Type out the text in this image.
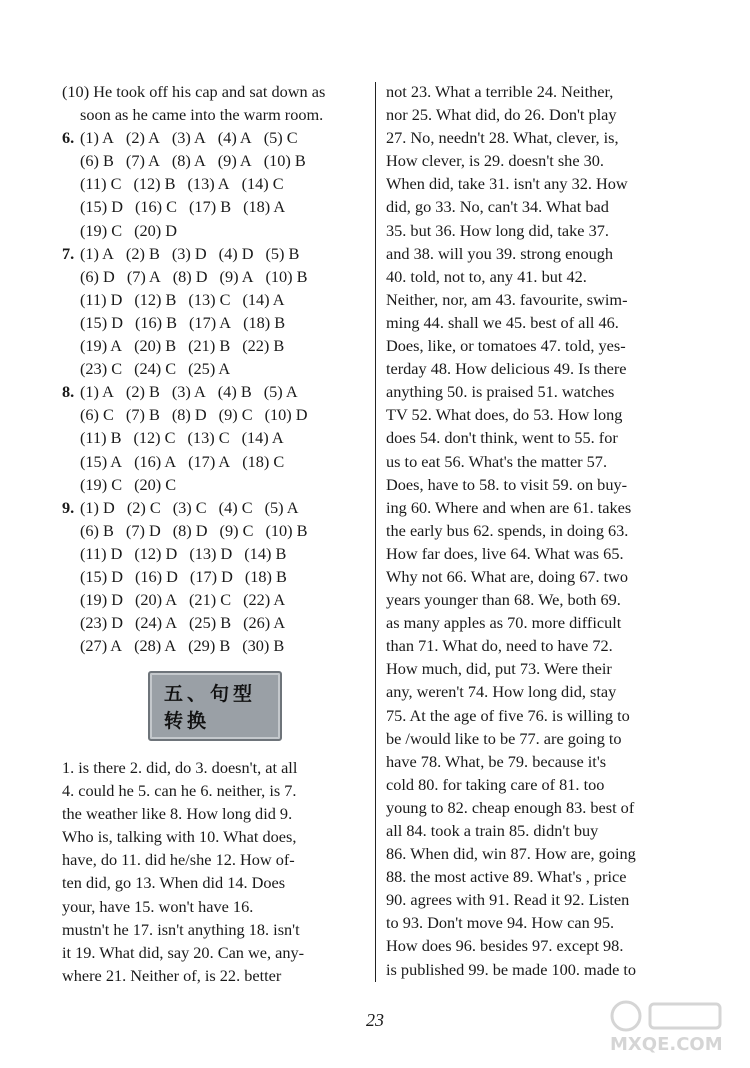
(10) He took off his cap and sat down as
soon as he came into the warm room.
6. (1) A (2) A (3) A (4) A (5) C
(6) B (7) A (8) A (9) A (10) B
(11) C (12) B (13) A (14) C
(15) D (16) C (17) B (18) A
(19) C (20) D
7. (1) A (2) B (3) D (4) D (5) B
(6) D (7) A (8) D (9) A (10) B
(11) D (12) B (13) C (14) A
(15) D (16) B (17) A (18) B
(19) A (20) B (21) B (22) B
(23) C (24) C (25) A
8. (1) A (2) B (3) A (4) B (5) A
(6) C (7) B (8) D (9) C (10) D
(11) B (12) C (13) C (14) A
(15) A (16) A (17) A (18) C
(19) C (20) C
9. (1) D (2) C (3) C (4) C (5) A
(6) B (7) D (8) D (9) C (10) B
(11) D (12) D (13) D (14) B
(15) D (16) D (17) D (18) B
(19) D (20) A (21) C (22) A
(23) D (24) A (25) B (26) A
(27) A (28) A (29) B (30) B
五、句型转换
1. is there 2. did, do 3. doesn't, at all
4. could he 5. can he 6. neither, is 7.
the weather like 8. How long did 9.
Who is, talking with 10. What does,
have, do 11. did he/she 12. How of-
ten did, go 13. When did 14. Does
your, have 15. won't have 16.
mustn't he 17. isn't anything 18. isn't
it 19. What did, say 20. Can we, any-
where 21. Neither of, is 22. better
not 23. What a terrible 24. Neither,
nor 25. What did, do 26. Don't play
27. No, needn't 28. What, clever, is,
How clever, is 29. doesn't she 30.
When did, take 31. isn't any 32. How
did, go 33. No, can't 34. What bad
35. but 36. How long did, take 37.
and 38. will you 39. strong enough
40. told, not to, any 41. but 42.
Neither, nor, am 43. favourite, swim-
ming 44. shall we 45. best of all 46.
Does, like, or tomatoes 47. told, yes-
terday 48. How delicious 49. Is there
anything 50. is praised 51. watches
TV 52. What does, do 53. How long
does 54. don't think, went to 55. for
us to eat 56. What's the matter 57.
Does, have to 58. to visit 59. on buy-
ing 60. Where and when are 61. takes
the early bus 62. spends, in doing 63.
How far does, live 64. What was 65.
Why not 66. What are, doing 67. two
years younger than 68. We, both 69.
as many apples as 70. more difficult
than 71. What do, need to have 72.
How much, did, put 73. Were their
any, weren't 74. How long did, stay
75. At the age of five 76. is willing to
be /would like to be 77. are going to
have 78. What, be 79. because it's
cold 80. for taking care of 81. too
young to 82. cheap enough 83. best of
all 84. took a train 85. didn't buy
86. When did, win 87. How are, going
88. the most active 89. What's , price
90. agrees with 91. Read it 92. Listen
to 93. Don't move 94. How can 95.
How does 96. besides 97. except 98.
is published 99. be made 100. made to
23
MXQE.COM
